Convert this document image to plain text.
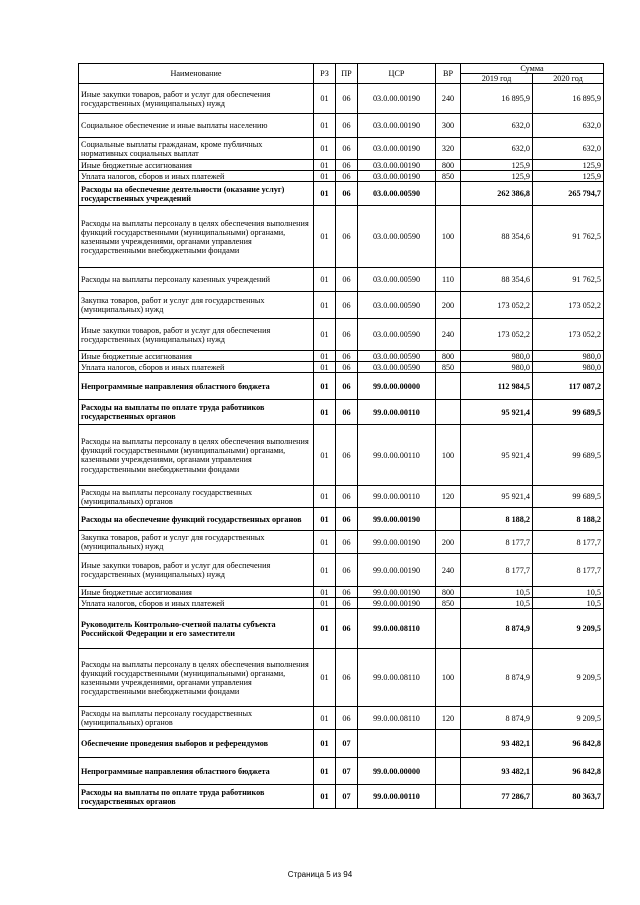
Наименование	РЗ	ПР	ЦСР	ВР	Сумма	
					2019 год	2020 год
Иные закупки товаров, работ и услуг для обеспечения государственных (муниципальных) нужд	01	06	03.0.00.00190	240	16 895,9	16 895,9
Социальное обеспечение и иные выплаты населению	01	06	03.0.00.00190	300	632,0	632,0
Социальные выплаты гражданам, кроме публичных нормативных социальных выплат	01	06	03.0.00.00190	320	632,0	632,0
Иные бюджетные ассигнования	01	06	03.0.00.00190	800	125,9	125,9
Уплата налогов, сборов и иных платежей	01	06	03.0.00.00190	850	125,9	125,9
Расходы на обеспечение деятельности (оказание услуг) государственных учреждений	01	06	03.0.00.00590		262 386,8	265 794,7
Расходы на выплаты персоналу в целях обеспечения выполнения функций государственными (муниципальными) органами, казенными учреждениями, органами управления государственными внебюджетными фондами	01	06	03.0.00.00590	100	88 354,6	91 762,5
Расходы на выплаты персоналу казенных учреждений	01	06	03.0.00.00590	110	88 354,6	91 762,5
Закупка товаров, работ и услуг для государственных (муниципальных) нужд	01	06	03.0.00.00590	200	173 052,2	173 052,2
Иные закупки товаров, работ и услуг для обеспечения государственных (муниципальных) нужд	01	06	03.0.00.00590	240	173 052,2	173 052,2
Иные бюджетные ассигнования	01	06	03.0.00.00590	800	980,0	980,0
Уплата налогов, сборов и иных платежей	01	06	03.0.00.00590	850	980,0	980,0
Непрограммные направления областного бюджета	01	06	99.0.00.00000		112 984,5	117 087,2
Расходы на выплаты по оплате труда работников государственных органов	01	06	99.0.00.00110		95 921,4	99 689,5
Расходы на выплаты персоналу в целях обеспечения выполнения функций государственными (муниципальными) органами, казенными учреждениями, органами управления государственными внебюджетными фондами	01	06	99.0.00.00110	100	95 921,4	99 689,5
Расходы на выплаты персоналу государственных (муниципальных) органов	01	06	99.0.00.00110	120	95 921,4	99 689,5
Расходы на обеспечение функций государственных органов	01	06	99.0.00.00190		8 188,2	8 188,2
Закупка товаров, работ и услуг для государственных (муниципальных) нужд	01	06	99.0.00.00190	200	8 177,7	8 177,7
Иные закупки товаров, работ и услуг для обеспечения государственных (муниципальных) нужд	01	06	99.0.00.00190	240	8 177,7	8 177,7
Иные бюджетные ассигнования	01	06	99.0.00.00190	800	10,5	10,5
Уплата налогов, сборов и иных платежей	01	06	99.0.00.00190	850	10,5	10,5
Руководитель Контрольно-счетной палаты субъекта Российской Федерации и его заместители	01	06	99.0.00.08110		8 874,9	9 209,5
Расходы на выплаты персоналу в целях обеспечения выполнения функций государственными (муниципальными) органами, казенными учреждениями, органами управления государственными внебюджетными фондами	01	06	99.0.00.08110	100	8 874,9	9 209,5
Расходы на выплаты персоналу государственных (муниципальных) органов	01	06	99.0.00.08110	120	8 874,9	9 209,5
Обеспечение проведения выборов и референдумов	01	07			93 482,1	96 842,8
Непрограммные направления областного бюджета	01	07	99.0.00.00000		93 482,1	96 842,8
Расходы на выплаты по оплате труда работников государственных органов	01	07	99.0.00.00110		77 286,7	80 363,7
Страница 5 из 94
